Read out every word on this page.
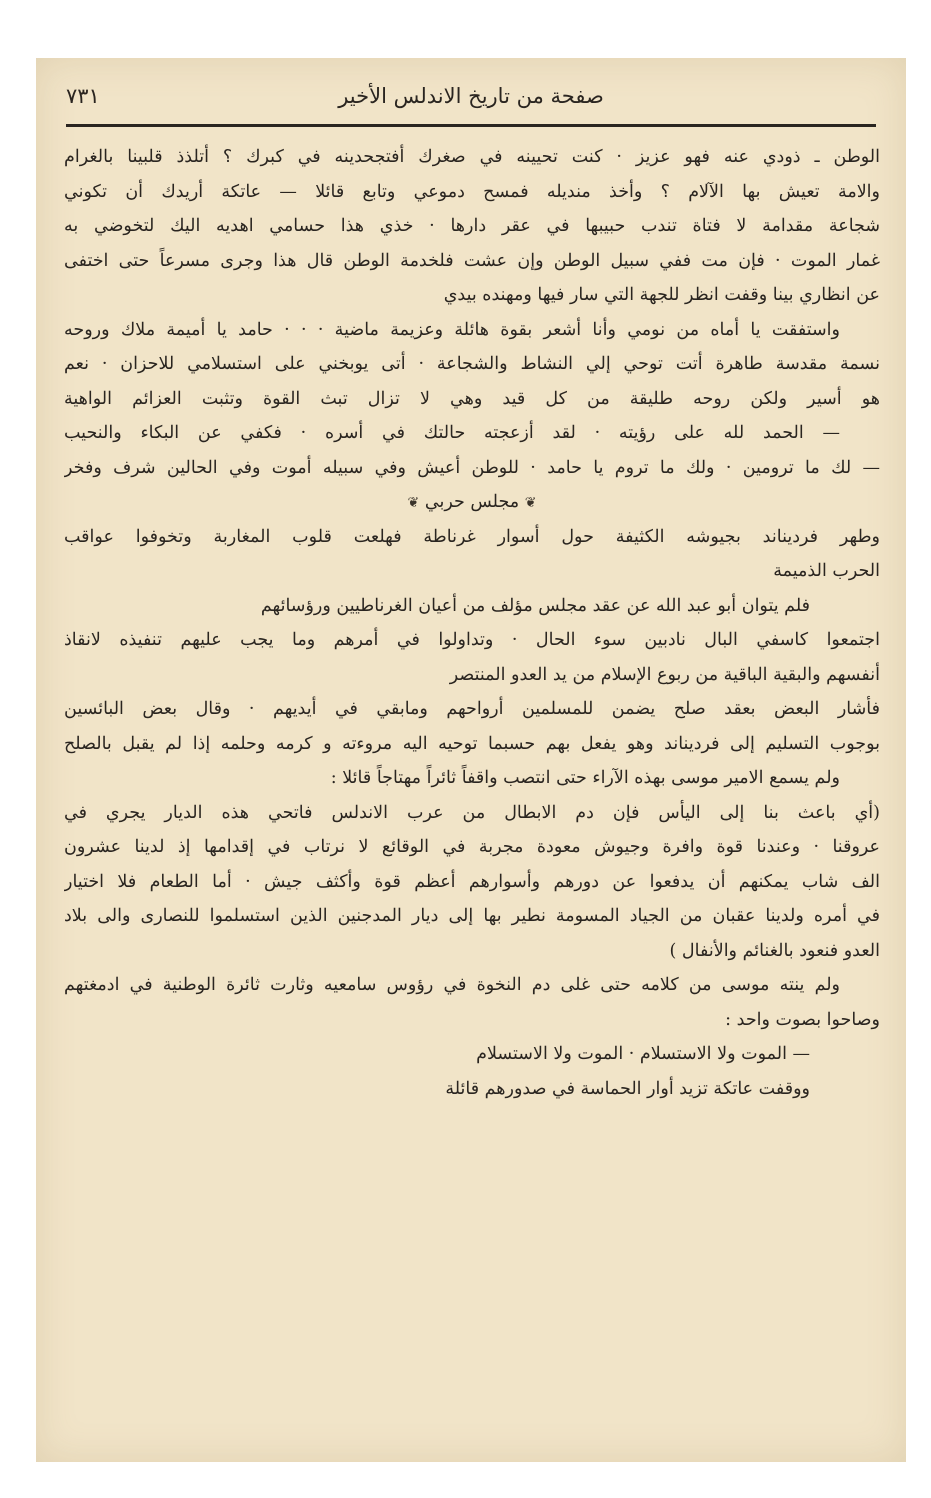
صفحة من تاريخ الاندلس الأخير
٧٣١
الوطن ـ ذودي عنه فهو عزيز · كنت تحيينه في صغرك أفتجحدينه في كبرك ؟ أتلذذ قلبينا بالغرام
والامة تعيش بها الآلام ؟ وأخذ منديله فمسح دموعي وتابع قائلا — عاتكة أريدك أن تكوني
شجاعة مقدامة لا فتاة تندب حبيبها في عقر دارها · خذي هذا حسامي اهديه اليك لتخوضي به
غمار الموت · فإن مت ففي سبيل الوطن وإن عشت فلخدمة الوطن قال هذا وجرى مسرعاً حتى اختفى
عن انظاري بينا وقفت انظر للجهة التي سار فيها ومهنده بيدي
واستفقت يا أماه من نومي وأنا أشعر بقوة هائلة وعزيمة ماضية · · · حامد يا أميمة ملاك وروحه
نسمة مقدسة طاهرة أتت توحي إلي النشاط والشجاعة · أتى يوبخني على استسلامي للاحزان · نعم
هو أسير ولكن روحه طليقة من كل قيد وهي لا تزال تبث القوة وتثبت العزائم الواهية
— الحمد لله على رؤيته · لقد أزعجته حالتك في أسره · فكفي عن البكاء والنحيب
— لك ما ترومين · ولك ما تروم يا حامد · للوطن أعيش وفي سبيله أموت وفي الحالين شرف وفخر
❦ مجلس حربي ❦
وطهر فرديناند بجيوشه الكثيفة حول أسوار غرناطة فهلعت قلوب المغاربة وتخوفوا عواقب
الحرب الذميمة
فلم يتوان أبو عبد الله عن عقد مجلس مؤلف من أعيان الغرناطيين ورؤسائهم
اجتمعوا كاسفي البال نادبين سوء الحال · وتداولوا في أمرهم وما يجب عليهم تنفيذه لانقاذ
أنفسهم والبقية الباقية من ربوع الإسلام من يد العدو المنتصر
فأشار البعض بعقد صلح يضمن للمسلمين أرواحهم ومابقي في أيديهم · وقال بعض البائسين
بوجوب التسليم إلى فرديناند وهو يفعل بهم حسبما توحيه اليه مروءته و كرمه وحلمه إذا لم يقبل بالصلح
ولم يسمع الامير موسى بهذه الآراء حتى انتصب واقفاً ثائراً مهتاجاً قائلا :
(أي باعث بنا إلى اليأس فإن دم الابطال من عرب الاندلس فاتحي هذه الديار يجري في
عروقنا · وعندنا قوة وافرة وجيوش معودة مجربة في الوقائع لا نرتاب في إقدامها إذ لدينا عشرون
الف شاب يمكنهم أن يدفعوا عن دورهم وأسوارهم أعظم قوة وأكثف جيش · أما الطعام فلا اختيار
في أمره ولدينا عقبان من الجياد المسومة نطير بها إلى ديار المدجنين الذين استسلموا للنصارى والى بلاد
العدو فنعود بالغنائم والأنفال )
ولم ينته موسى من كلامه حتى غلى دم النخوة في رؤوس سامعيه وثارت ثائرة الوطنية في ادمغتهم
وصاحوا بصوت واحد :
— الموت ولا الاستسلام · الموت ولا الاستسلام
ووقفت عاتكة تزيد أوار الحماسة في صدورهم قائلة
